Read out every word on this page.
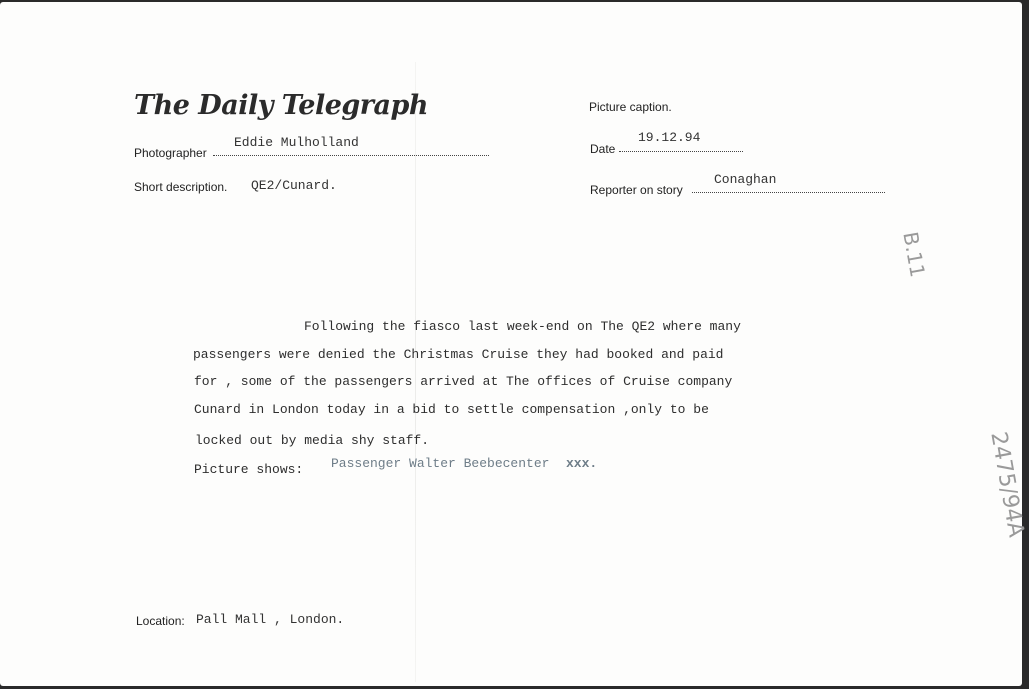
The Daily Telegraph
Photographer
Eddie Mulholland
Short description. QE2/Cunard.
Picture caption.
Date
19.12.94
Reporter on story
Conaghan
Following the fiasco last week-end on The QE2 where many
passengers were denied the Christmas Cruise they had booked and paid
for , some of the passengers arrived at The offices of Cruise company
Cunard in London today in a bid to settle compensation ,only to be
locked out by media shy staff.
Picture shows: Passenger Walter Beebecenter xxx.
Location: Pall Mall , London.
B.11
2475/94A
